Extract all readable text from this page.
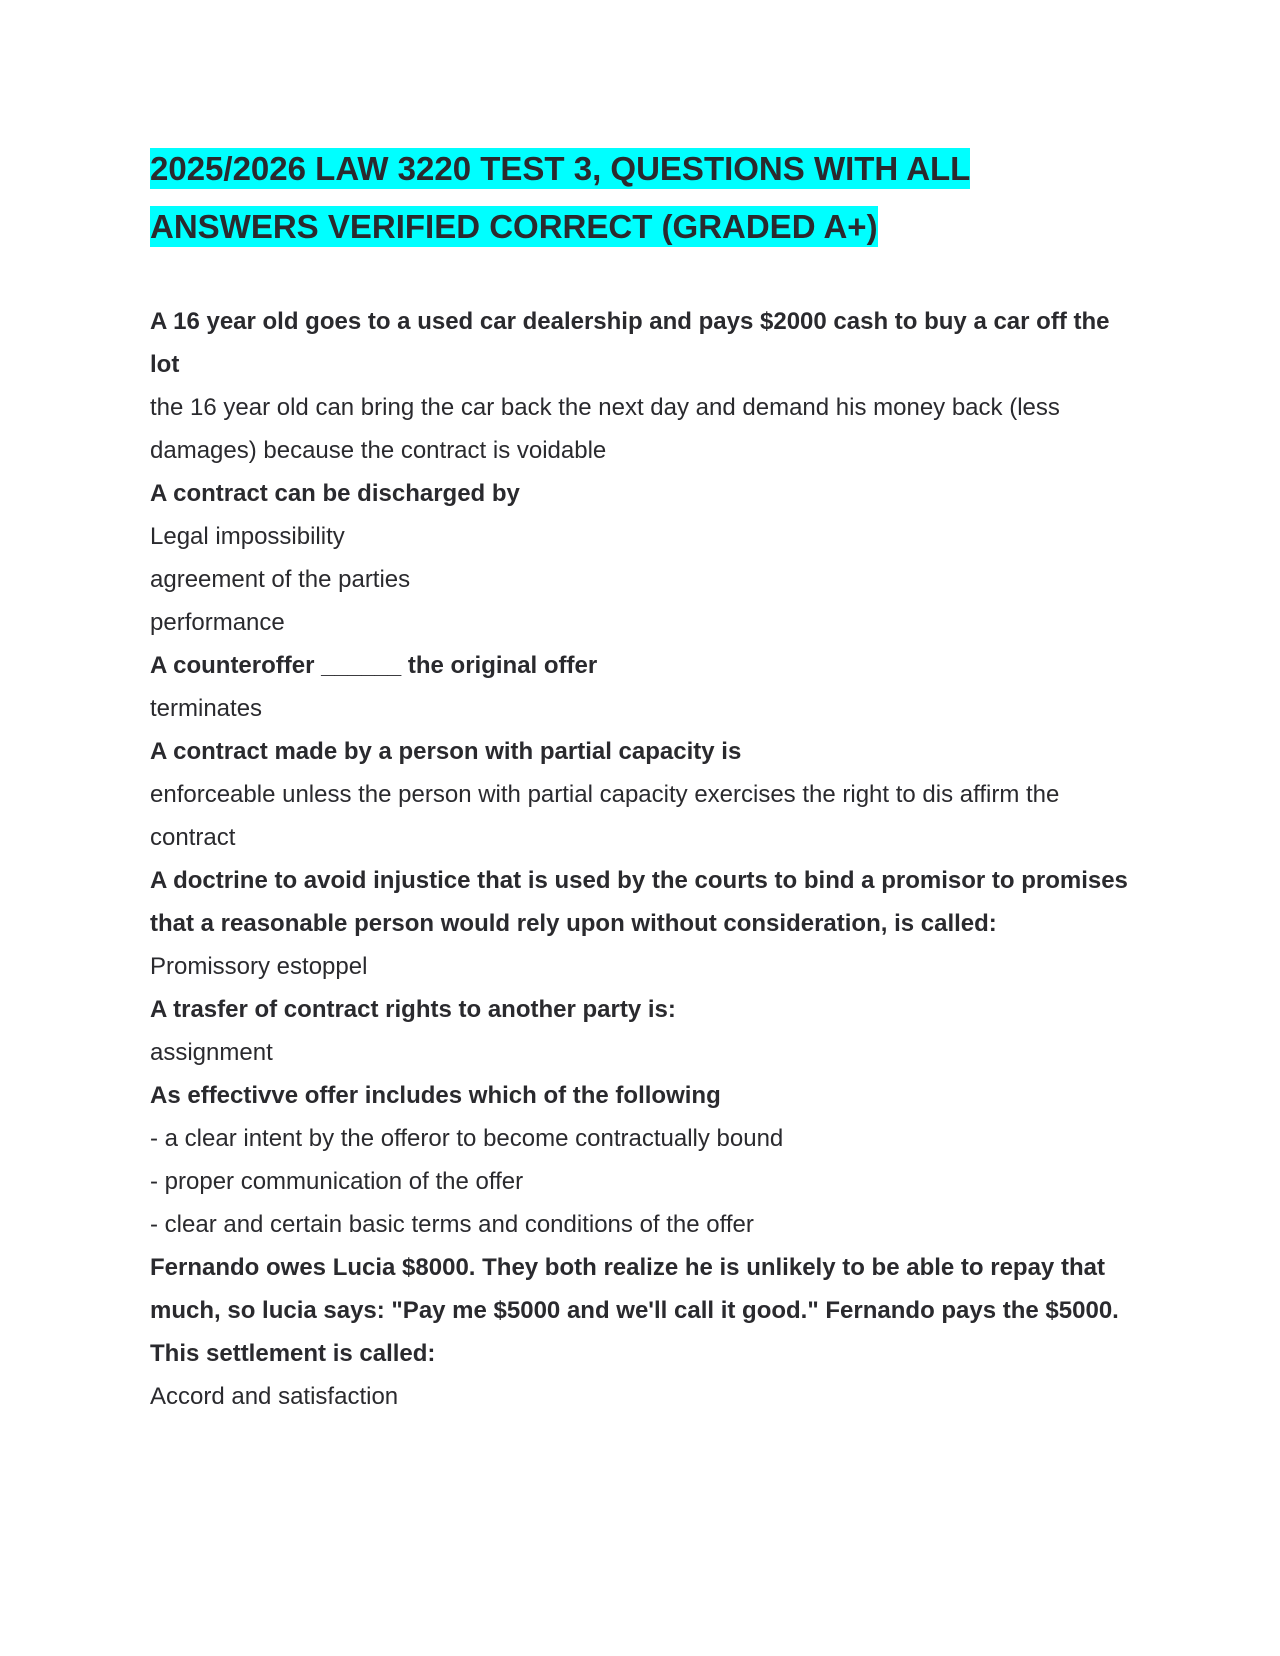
2025/2026 LAW 3220 TEST 3, QUESTIONS WITH ALL
ANSWERS VERIFIED CORRECT (GRADED A+)

A 16 year old goes to a used car dealership and pays $2000 cash to buy a car off the lot

the 16 year old can bring the car back the next day and demand his money back (less damages) because the contract is voidable

A contract can be discharged by

Legal impossibility

agreement of the parties

performance

A counteroffer ______ the original offer

terminates

A contract made by a person with partial capacity is

enforceable unless the person with partial capacity exercises the right to dis affirm the contract

A doctrine to avoid injustice that is used by the courts to bind a promisor to promises that a reasonable person would rely upon without consideration, is called:

Promissory estoppel

A trasfer of contract rights to another party is:

assignment

As effectivve offer includes which of the following

- a clear intent by the offeror to become contractually bound

- proper communication of the offer

- clear and certain basic terms and conditions of the offer

Fernando owes Lucia $8000. They both realize he is unlikely to be able to repay that much, so lucia says: "Pay me $5000 and we'll call it good." Fernando pays the $5000. This settlement is called:

Accord and satisfaction
